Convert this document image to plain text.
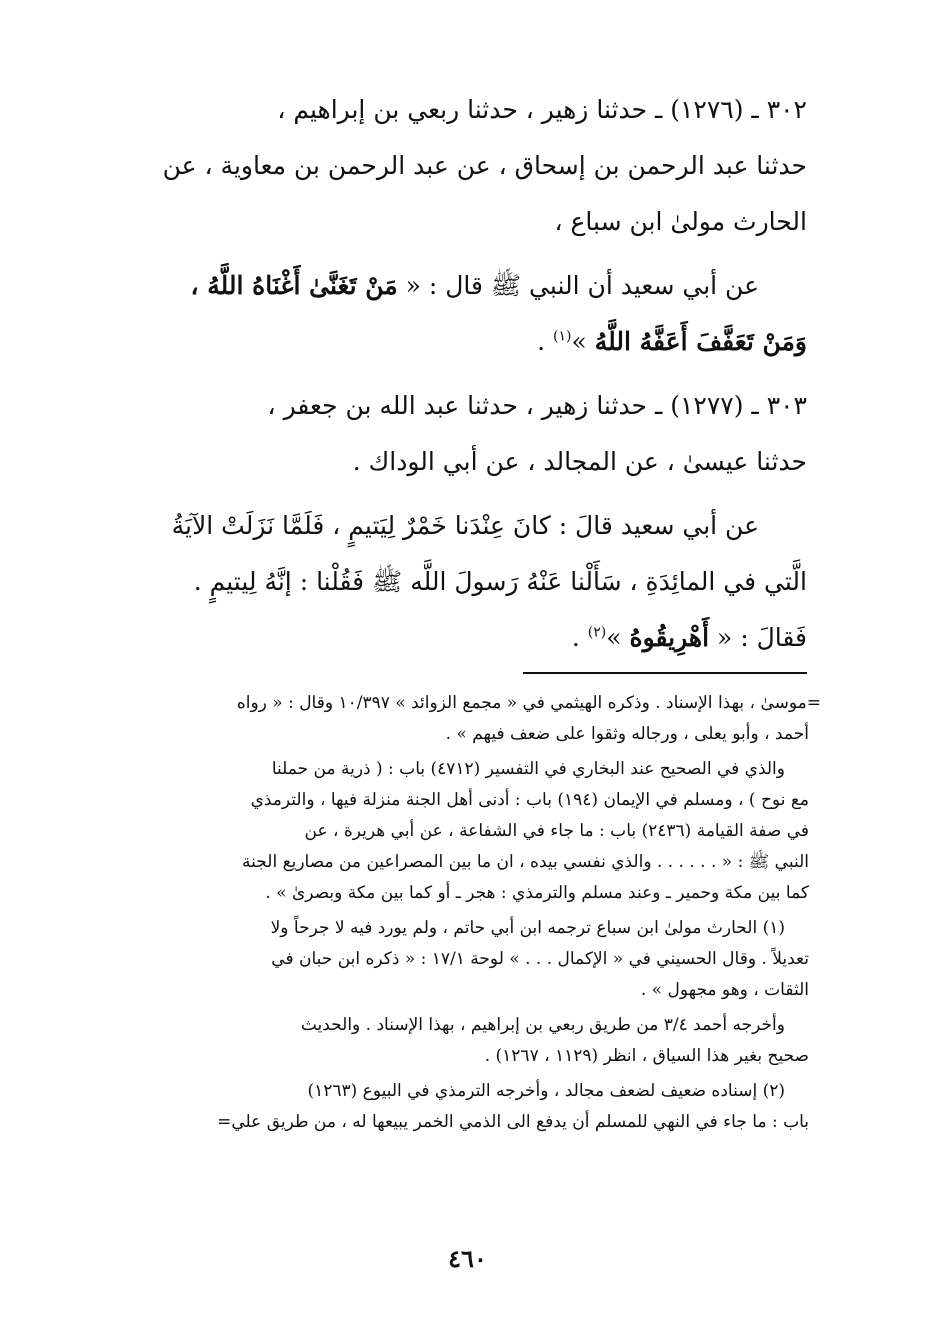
٣٠٢ ـ (١٢٧٦) ـ حدثنا زهير ، حدثنا ربعي بن إبراهيم ،
حدثنا عبد الرحمن بن إسحاق ، عن عبد الرحمن بن معاوية ، عن
الحارث مولىٰ ابن سباع ،
عن أبي سعيد أن النبي ﷺ قال : « مَنْ تَغَنَّىٰ أَغْنَاهُ اللَّهُ ،
وَمَنْ تَعَفَّفَ أَعَفَّهُ اللَّهُ »$^{(١)}$ .
٣٠٣ ـ (١٢٧٧) ـ حدثنا زهير ، حدثنا عبد الله بن جعفر ،
حدثنا عيسىٰ ، عن المجالد ، عن أبي الوداك .
عن أبي سعيد قالَ : كانَ عِنْدَنا خَمْرٌ لِيَتيمٍ ، فَلَمَّا نَزَلَتْ الآيَةُ
الَّتي في المائِدَةِ ، سَأَلْنا عَنْهُ رَسولَ اللَّه ﷺ فَقُلْنا : إنَّهُ لِيتيمٍ .
فَقالَ : « أَهْرِيقُوهُ »$^{(٢)}$ .
=موسىٰ ، بهذا الإسناد . وذكره الهيثمي في « مجمع الزوائد » ١٠/٣٩٧ وقال : « رواه
أحمد ، وأبو يعلى ، ورجاله وثقوا على ضعف فيهم » .
والذي في الصحيح عند البخاري في التفسير (٤٧١٢) باب : ( ذرية من حملنا
مع نوح ) ، ومسلم في الإيمان (١٩٤) باب : أدنى أهل الجنة منزلة فيها ، والترمذي
في صفة القيامة (٢٤٣٦) باب : ما جاء في الشفاعة ، عن أبي هريرة ، عن
النبي ﷺ : « . . . . . . والذي نفسي بيده ، ان ما بين المصراعين من مصاريع الجنة
كما بين مكة وحمير ـ وعند مسلم والترمذي : هجر ـ أو كما بين مكة وبصرىٰ » .
(١) الحارث مولىٰ ابن سباع ترجمه ابن أبي حاتم ، ولم يورد فيه لا جرحاً ولا
تعديلاً . وقال الحسيني في « الإكمال . . . » لوحة ١٧/١ : « ذكره ابن حبان في
الثقات ، وهو مجهول » .
وأخرجه أحمد ٣/٤ من طريق ربعي بن إبراهيم ، بهذا الإسناد . والحديث
صحيح بغير هذا السياق ، انظر (١١٢٩ ، ١٢٦٧) .
(٢) إسناده ضعيف لضعف مجالد ، وأخرجه الترمذي في البيوع (١٢٦٣)
باب : ما جاء في النهي للمسلم أن يدفع الى الذمي الخمر يبيعها له ، من طريق علي=
٤٦٠
